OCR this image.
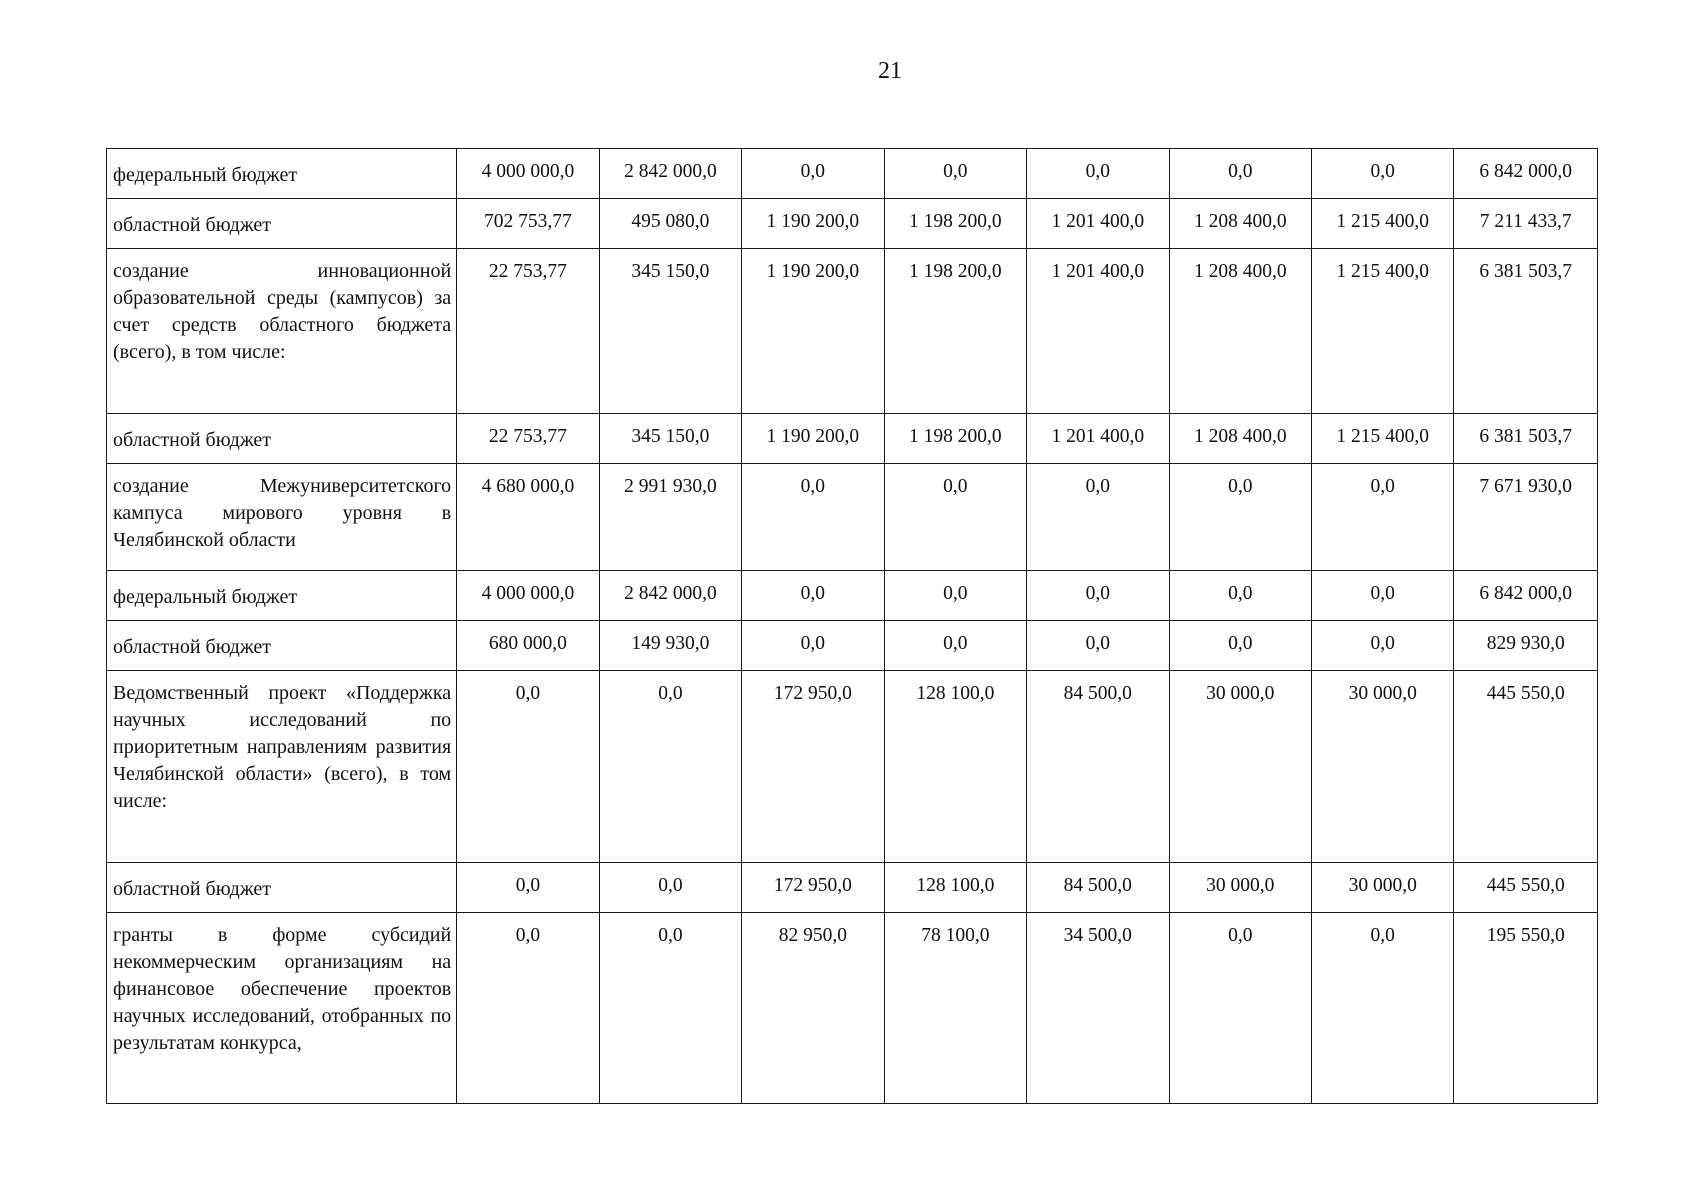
21
федеральный бюджет	4 000 000,0	2 842 000,0	0,0	0,0	0,0	0,0	0,0	6 842 000,0
областной бюджет	702 753,77	495 080,0	1 190 200,0	1 198 200,0	1 201 400,0	1 208 400,0	1 215 400,0	7 211 433,7
создание инновационной образовательной среды (кампусов) за счет средств областного бюджета (всего), в том числе:	22 753,77	345 150,0	1 190 200,0	1 198 200,0	1 201 400,0	1 208 400,0	1 215 400,0	6 381 503,7
областной бюджет	22 753,77	345 150,0	1 190 200,0	1 198 200,0	1 201 400,0	1 208 400,0	1 215 400,0	6 381 503,7
создание Межуниверситетского кампуса мирового уровня в Челябинской области	4 680 000,0	2 991 930,0	0,0	0,0	0,0	0,0	0,0	7 671 930,0
федеральный бюджет	4 000 000,0	2 842 000,0	0,0	0,0	0,0	0,0	0,0	6 842 000,0
областной бюджет	680 000,0	149 930,0	0,0	0,0	0,0	0,0	0,0	829 930,0
Ведомственный проект «Поддержка научных исследований по приоритетным направлениям развития Челябинской области» (всего), в том числе:	0,0	0,0	172 950,0	128 100,0	84 500,0	30 000,0	30 000,0	445 550,0
областной бюджет	0,0	0,0	172 950,0	128 100,0	84 500,0	30 000,0	30 000,0	445 550,0
гранты в форме субсидий некоммерческим организациям на финансовое обеспечение проектов научных исследований, отобранных по результатам конкурса,	0,0	0,0	82 950,0	78 100,0	34 500,0	0,0	0,0	195 550,0
